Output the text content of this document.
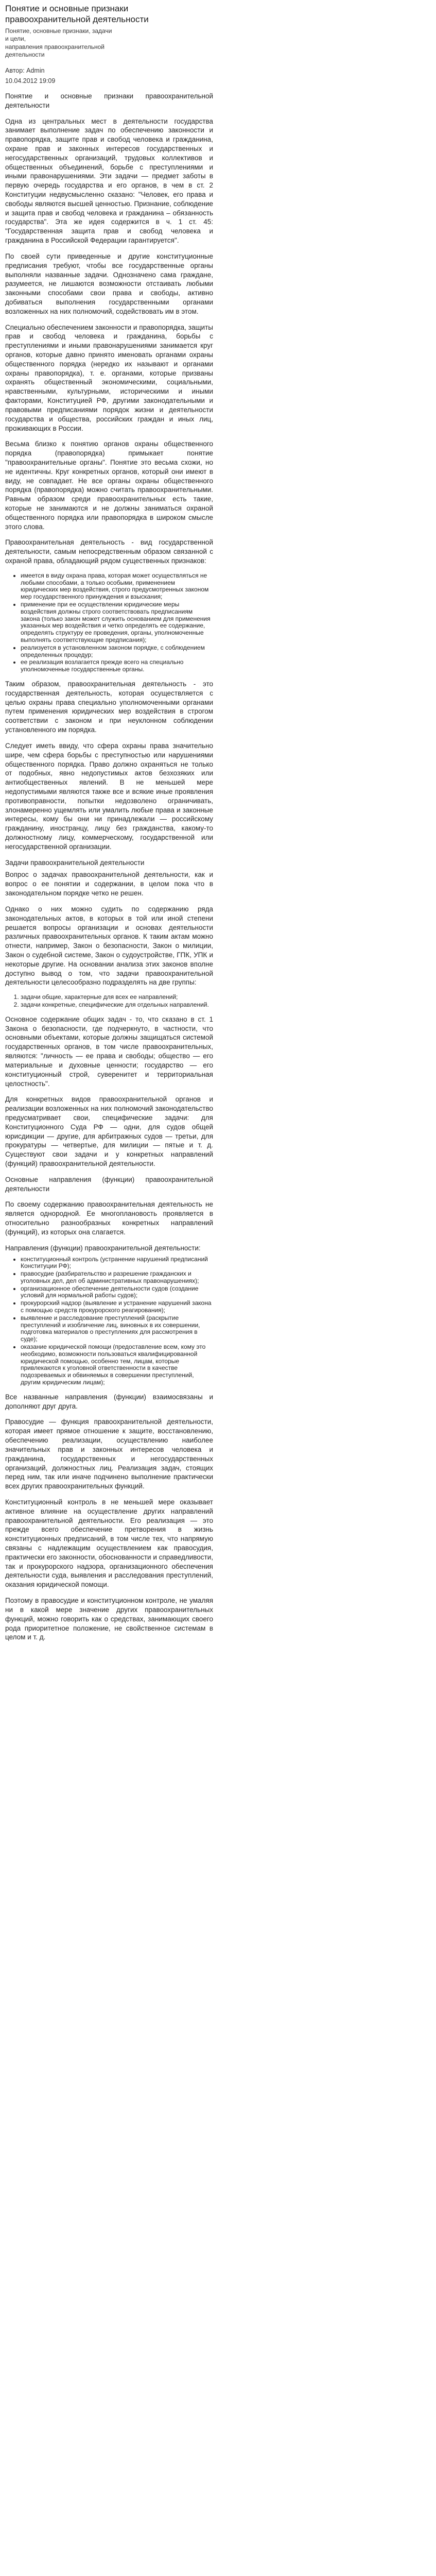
Понятие и основные признаки правоохранительной деятельности
Понятие, основные признаки, задачи
и цели,
направления правоохранительной
деятельности
Автор: Admin
10.04.2012 19:09

Понятие и основные признаки правоохранительной деятельности

Одна из центральных мест в деятельности государства занимает выполнение задач по обеспечению законности и правопорядка, защите прав и свобод человека и гражданина, охране прав и законных интересов государственных и негосударственных организаций, трудовых коллективов и общественных объединений, борьбе с преступлениями и иными правонарушениями. Эти задачи — предмет заботы в первую очередь государства и его органов, в чем в ст. 2 Конституции недвусмысленно сказано: "Человек, его права и свободы являются высшей ценностью. Признание, соблюдение и защита прав и свобод человека и гражданина – обязанность государства". Эта же идея содержится в ч. 1 ст. 45: "Государственная защита прав и свобод человека и гражданина в Российской Федерации гарантируется".

По своей сути приведенные и другие конституционные предписания требуют, чтобы все государственные органы выполняли названные задачи. Однозначено сама граждане, разумеется, не лишаются возможности отстаивать любыми законными способами свои права и свободы, активно добиваться выполнения государственными органами возложенных на них полномочий, содействовать им в этом.

Специально обеспечением законности и правопорядка, защиты прав и свобод человека и гражданина, борьбы с преступлениями и иными правонарушениями занимается круг органов, которые давно принято именовать органами охраны общественного порядка (нередко их называют и органами охраны правопорядка), т. е. органами, которые призваны охранять общественный экономическими, социальными, нравственными, культурными, историческими и иными факторами, Конституцией РФ, другими законодательными и правовыми предписаниями порядок жизни и деятельности государства и общества, российских граждан и иных лиц, проживающих в России.

Весьма близко к понятию органов охраны общественного порядка (правопорядка) примыкает понятие "правоохранительные органы". Понятие это весьма схожи, но не идентичны. Круг конкретных органов, который они имеют в виду, не совпадает. Не все органы охраны общественного порядка (правопорядка) можно считать правоохранительными. Равным образом среди правоохранительных есть такие, которые не занимаются и не должны заниматься охраной общественного порядка или правопорядка в широком смысле этого слова.

Правоохранительная деятельность - вид государственной деятельности, самым непосредственным образом связанной с охраной права, обладающий рядом существенных признаков:

• имеется в виду охрана права, которая может осуществляться не любыми способами, а только особыми, применением юридических мер воздействия, строго предусмотренных законом мер государственного принуждения и взыскания;
• применение при ее осуществлении юридические меры воздействия должны строго соответствовать предписаниям закона (только закон может служить основанием для применения указанных мер воздействия и четко определять ее содержание, определять структуру ее проведения, органы, уполномоченные выполнять соответствующие предписания);
• реализуется в установленном законом порядке, с соблюдением определенных процедур;
• ее реализация возлагается прежде всего на специально уполномоченные государственные органы.

Таким образом, правоохранительная деятельность - это государственная деятельность, которая осуществляется с целью охраны права специально уполномоченными органами путем применения юридических мер воздействия в строгом соответствии с законом и при неуклонном соблюдении установленного им порядка.

Следует иметь ввиду, что сфера охраны права значительно шире, чем сфера борьбы с преступностью или нарушениями общественного порядка. Право должно охраняться не только от подобных, явно недопустимых актов безхозяких или антиобщественных явлений. В не меньшей мере недопустимыми являются также все и всякие иные проявления противоправности, попытки недозволено ограничивать, злонамеренно ущемлять или умалить любые права и законные интересы, кому бы они ни принадлежали — российскому гражданину, иностранцу, лицу без гражданства, какому-то должностному лицу, коммерческому, государственной или негосударственной организации.

Задачи правоохранительной деятельности

Вопрос о задачах правоохранительной деятельности, как и вопрос о ее понятии и содержании, в целом пока что в законодательном порядке четко не решен.

Однако о них можно судить по содержанию ряда законодательных актов, в которых в той или иной степени решается вопросы организации и основах деятельности различных правоохранительных органов. К таким актам можно отнести, например, Закон о безопасности, Закон о милиции, Закон о судебной системе, Закон о судоустройстве, ГПК, УПК и некоторые другие. На основании анализа этих законов вполне доступно вывод о том, что задачи правоохранительной деятельности целесообразно подразделять на две группы:

1. задачи общие, характерные для всех ее направлений;
2. задачи конкретные, специфические для отдельных направлений.

Основное содержание общих задач - то, что сказано в ст. 1 Закона о безопасности, где подчеркнуто, в частности, что основными объектами, которые должны защищаться системой государственных органов, в том числе правоохранительных, являются: "личность — ее права и свободы; общество — его материальные и духовные ценности; государство — его конституционный строй, суверенитет и территориальная целостность".

Для конкретных видов правоохранительной органов и реализации возложенных на них полномочий законодательство предусматривает свои, специфические задачи: для Конституционного Суда РФ — одни, для судов общей юрисдикции — другие, для арбитражных судов — третьи, для прокуратуры — четвертые, для милиции — пятые и т. д. Существуют свои задачи и у конкретных направлений (функций) правоохранительной деятельности.

Основные направления (функции) правоохранительной деятельности

По своему содержанию правоохранительная деятельность не является однородной. Ее многоплановость проявляется в относительно разнообразных конкретных направлений (функций), из которых она слагается.

Направления (функции) правоохранительной деятельности:

• конституционный контроль (устранение нарушений предписаний Конституции РФ);
• правосудие (разбирательство и разрешение гражданских и уголовных дел, дел об административных правонарушениях);
• организационное обеспечение деятельности судов (создание условий для нормальной работы судов);
• прокурорский надзор (выявление и устранение нарушений закона с помощью средств прокурорского реагирования);
• выявление и расследование преступлений (раскрытие преступлений и изобличение лиц, виновных в их совершении, подготовка материалов о преступлениях для рассмотрения в суде);
• оказание юридической помощи (предоставление всем, кому это необходимо, возможности пользоваться квалифицированной юридической помощью, особенно тем, лицам, которые привлекаются к уголовной ответственности в качестве подозреваемых и обвиняемых в совершении преступлений, другим юридическим лицам);

Все названные направления (функции) взаимосвязаны и дополняют друг друга.

Правосудие — функция правоохранительной деятельности, которая имеет прямое отношение к защите, восстановлению, обеспечению реализации, осуществлению наиболее значительных прав и законных интересов человека и гражданина, государственных и негосударственных организаций, должностных лиц. Реализация задач, стоящих перед ним, так или иначе подчинено выполнение практически всех других правоохранительных функций.

Конституционный контроль в не меньшей мере оказывает активное влияние на осуществление других направлений правоохранительной деятельности. Его реализация — это прежде всего обеспечение претворения в жизнь конституционных предписаний, в том числе тех, что напрямую связаны с надлежащим осуществлением как правосудия, практически его законности, обоснованности и справедливости, так и прокурорского надзора, организационного обеспечения деятельности суда, выявления и расследования преступлений, оказания юридической помощи.

Поэтому в правосудие и конституционном контроле, не умаляя ни в какой мере значение других правоохранительных функций, можно говорить как о средствах, занимающих своего рода приоритетное положение, не свойственное системам в целом и т. д.
